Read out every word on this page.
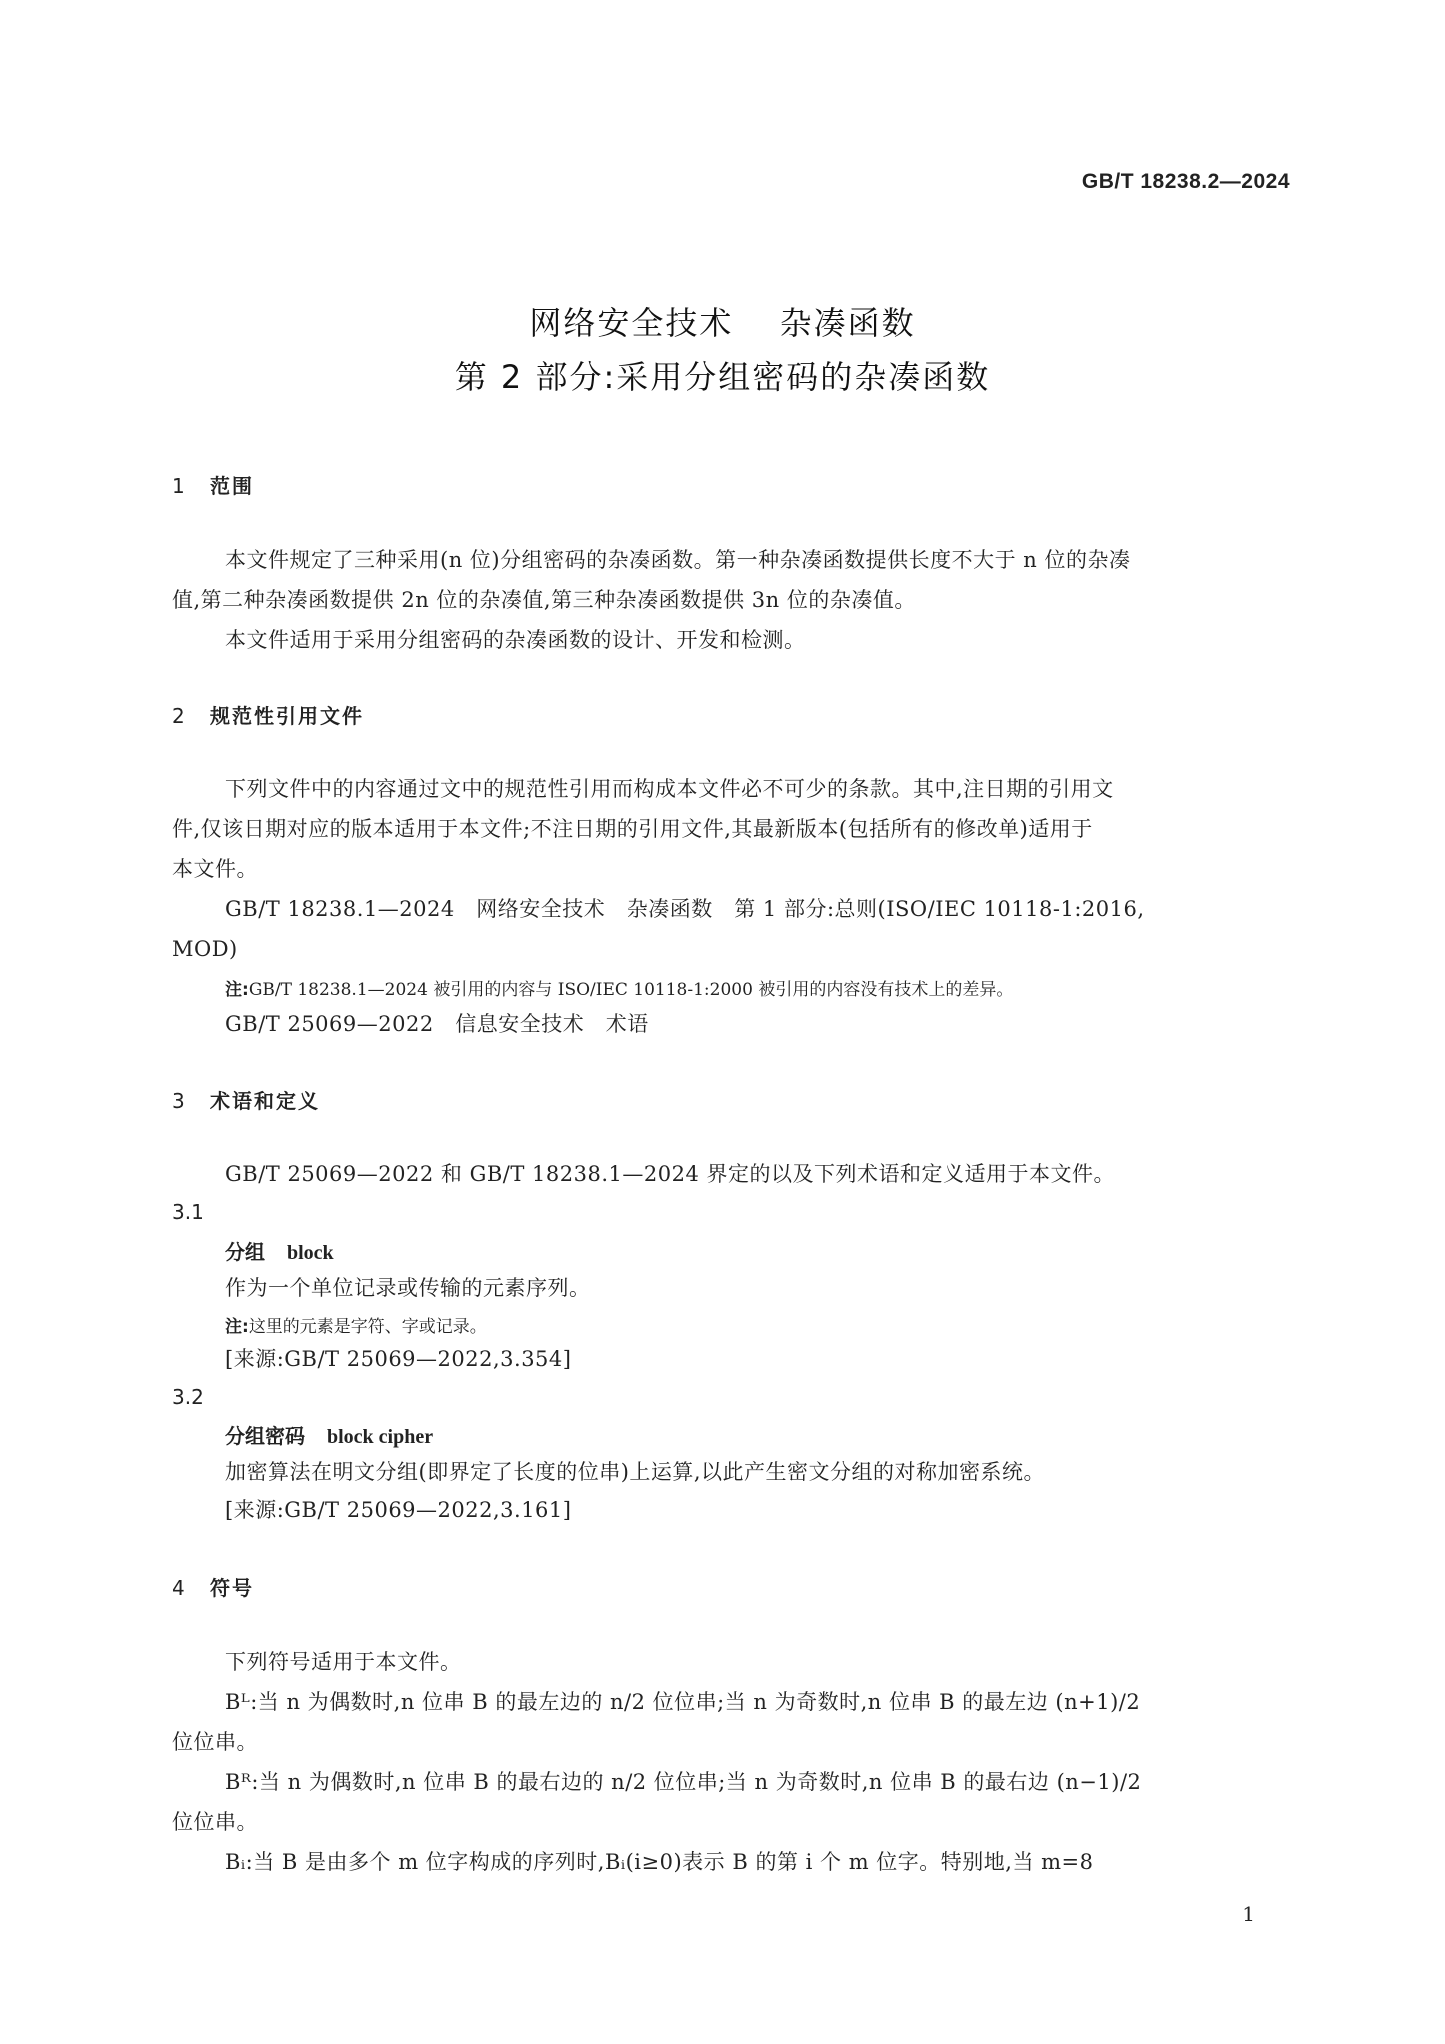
GB/T 18238.2—2024
网络安全技术　 杂凑函数
第 2 部分:采用分组密码的杂凑函数
1 范围
本文件规定了三种采用(n 位)分组密码的杂凑函数。第一种杂凑函数提供长度不大于 n 位的杂凑
值,第二种杂凑函数提供 2n 位的杂凑值,第三种杂凑函数提供 3n 位的杂凑值。
本文件适用于采用分组密码的杂凑函数的设计、开发和检测。
2 规范性引用文件
下列文件中的内容通过文中的规范性引用而构成本文件必不可少的条款。其中,注日期的引用文
件,仅该日期对应的版本适用于本文件;不注日期的引用文件,其最新版本(包括所有的修改单)适用于
本文件。
GB/T 18238.1—2024　网络安全技术　杂凑函数　第 1 部分:总则(ISO/IEC 10118-1:2016,
MOD)
注:GB/T 18238.1—2024 被引用的内容与 ISO/IEC 10118-1:2000 被引用的内容没有技术上的差异。
GB/T 25069—2022　信息安全技术　术语
3 术语和定义
GB/T 25069—2022 和 GB/T 18238.1—2024 界定的以及下列术语和定义适用于本文件。
3.1
分组 block
作为一个单位记录或传输的元素序列。
注:这里的元素是字符、字或记录。
[来源:GB/T 25069—2022,3.354]
3.2
分组密码 block cipher
加密算法在明文分组(即界定了长度的位串)上运算,以此产生密文分组的对称加密系统。
[来源:GB/T 25069—2022,3.161]
4 符号
下列符号适用于本文件。
Bᴸ:当 n 为偶数时,n 位串 B 的最左边的 n/2 位位串;当 n 为奇数时,n 位串 B 的最左边 (n+1)/2
位位串。
Bᴿ:当 n 为偶数时,n 位串 B 的最右边的 n/2 位位串;当 n 为奇数时,n 位串 B 的最右边 (n−1)/2
位位串。
Bᵢ:当 B 是由多个 m 位字构成的序列时,Bᵢ(i≥0)表示 B 的第 i 个 m 位字。特别地,当 m=8
1
